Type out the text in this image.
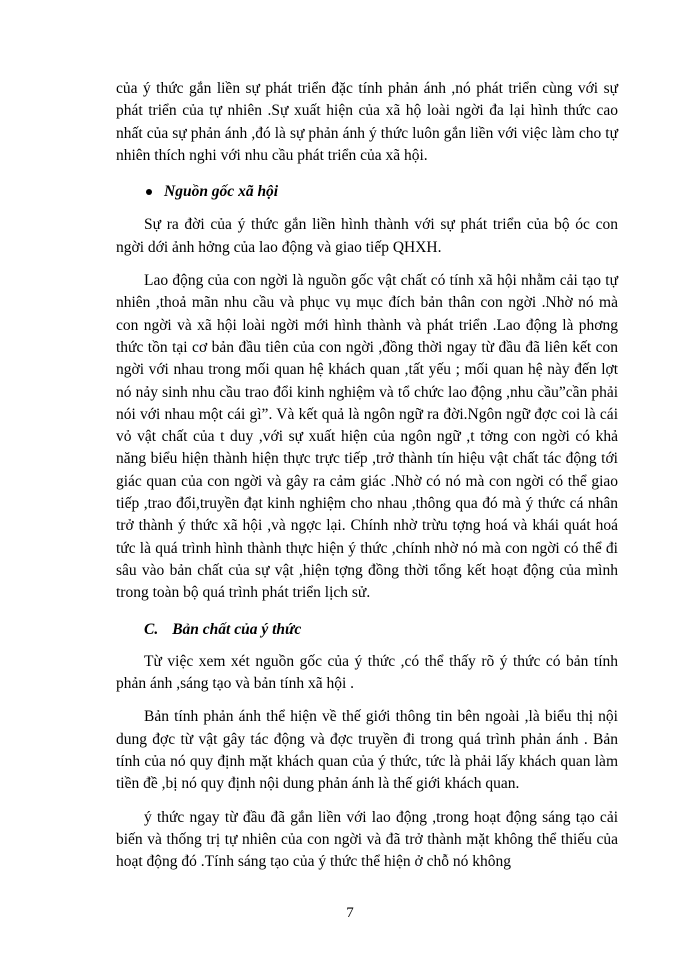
của ý thức gắn liền sự phát triển đặc tính phản ánh ,nó phát triển cùng với sự phát triển của tự nhiên .Sự xuất hiện của xã hộ loài ngời đa lại hình thức cao nhất của sự phản ánh ,đó là sự phản ánh ý thức luôn gắn liền với việc làm cho tự nhiên thích nghi với nhu cầu phát triển của xã hội.

Nguồn gốc xã hội

Sự ra đời của ý thức gắn liền hình thành với sự phát triển của bộ óc con ngời dới ảnh hởng của lao động và giao tiếp QHXH.

Lao động của con ngời là nguồn gốc vật chất có tính xã hội nhằm cải tạo tự nhiên ,thoả mãn nhu cầu và phục vụ mục đích bản thân con ngời .Nhờ nó mà con ngời và xã hội loài ngời mới hình thành và phát triển .Lao động là phơng thức tồn tại cơ bản đầu tiên của con ngời ,đồng thời ngay từ đầu đã liên kết con ngời với nhau trong mối quan hệ khách quan ,tất yếu ; mối quan hệ này đến lợt nó nảy sinh nhu cầu trao đổi kinh nghiệm và tổ chức lao động ,nhu cầu”cần phải nói với nhau một cái gì”. Và kết quả là ngôn ngữ ra đời.Ngôn ngữ đợc coi là cái vỏ vật chất của t duy ,với sự xuất hiện của ngôn ngữ ,t tởng con ngời có khả năng biểu hiện thành hiện thực trực tiếp ,trở thành tín hiệu vật chất tác động tới giác quan của con ngời và gây ra cảm giác .Nhờ có nó mà con ngời có thể giao tiếp ,trao đổi,truyền đạt kinh nghiệm cho nhau ,thông qua đó mà ý thức cá nhân trở thành ý thức xã hội ,và ngợc lại. Chính nhờ trừu tợng hoá và khái quát hoá tức là quá trình hình thành thực hiện ý thức ,chính nhờ nó mà con ngời có thể đi sâu vào bản chất của sự vật ,hiện tợng đồng thời tổng kết hoạt động của mình trong toàn bộ quá trình phát triển lịch sử.

C. Bản chất của ý thức

Từ việc xem xét nguồn gốc của ý thức ,có thể thấy rõ ý thức có bản tính phản ánh ,sáng tạo và bản tính xã hội .

Bản tính phản ánh thể hiện về thế giới thông tin bên ngoài ,là biểu thị nội dung đợc từ vật gây tác động và đợc truyền đi trong quá trình phản ánh . Bản tính của nó quy định mặt khách quan của ý thức, tức là phải lấy khách quan làm tiền đề ,bị nó quy định nội dung phản ánh là thế giới khách quan.

ý thức ngay từ đầu đã gắn liền với lao động ,trong hoạt động sáng tạo cải biến và thống trị tự nhiên của con ngời và đã trở thành mặt không thể thiếu của hoạt động đó .Tính sáng tạo của ý thức thể hiện ở chỗ nó không

7
